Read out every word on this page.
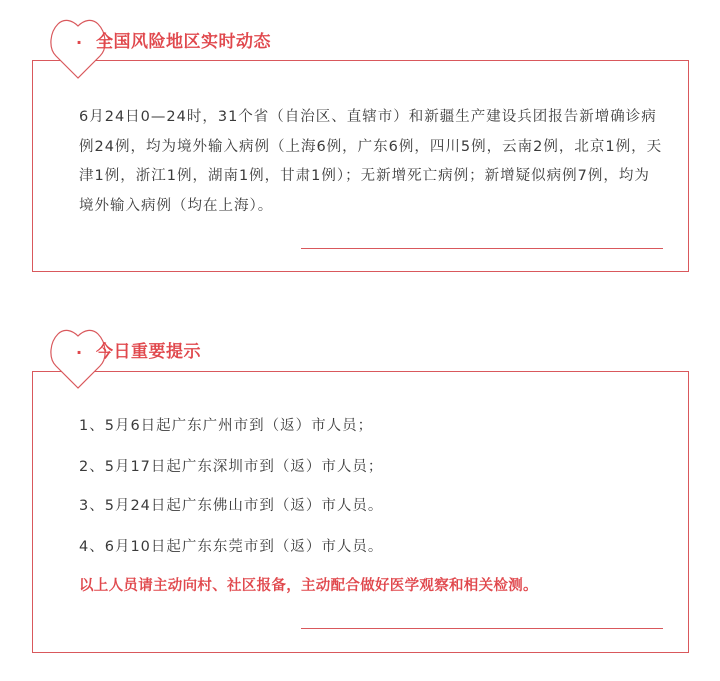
· 全国风险地区实时动态

6月24日0—24时，31个省（自治区、直辖市）和新疆生产建设兵团报告新增确诊病例24例，均为境外输入病例（上海6例，广东6例，四川5例，云南2例，北京1例，天津1例，浙江1例，湖南1例，甘肃1例）；无新增死亡病例；新增疑似病例7例，均为境外输入病例（均在上海）。

· 今日重要提示
1、5月6日起广东广州市到（返）市人员；
2、5月17日起广东深圳市到（返）市人员；
3、5月24日起广东佛山市到（返）市人员。
4、6月10日起广东东莞市到（返）市人员。
以上人员请主动向村、社区报备，主动配合做好医学观察和相关检测。
